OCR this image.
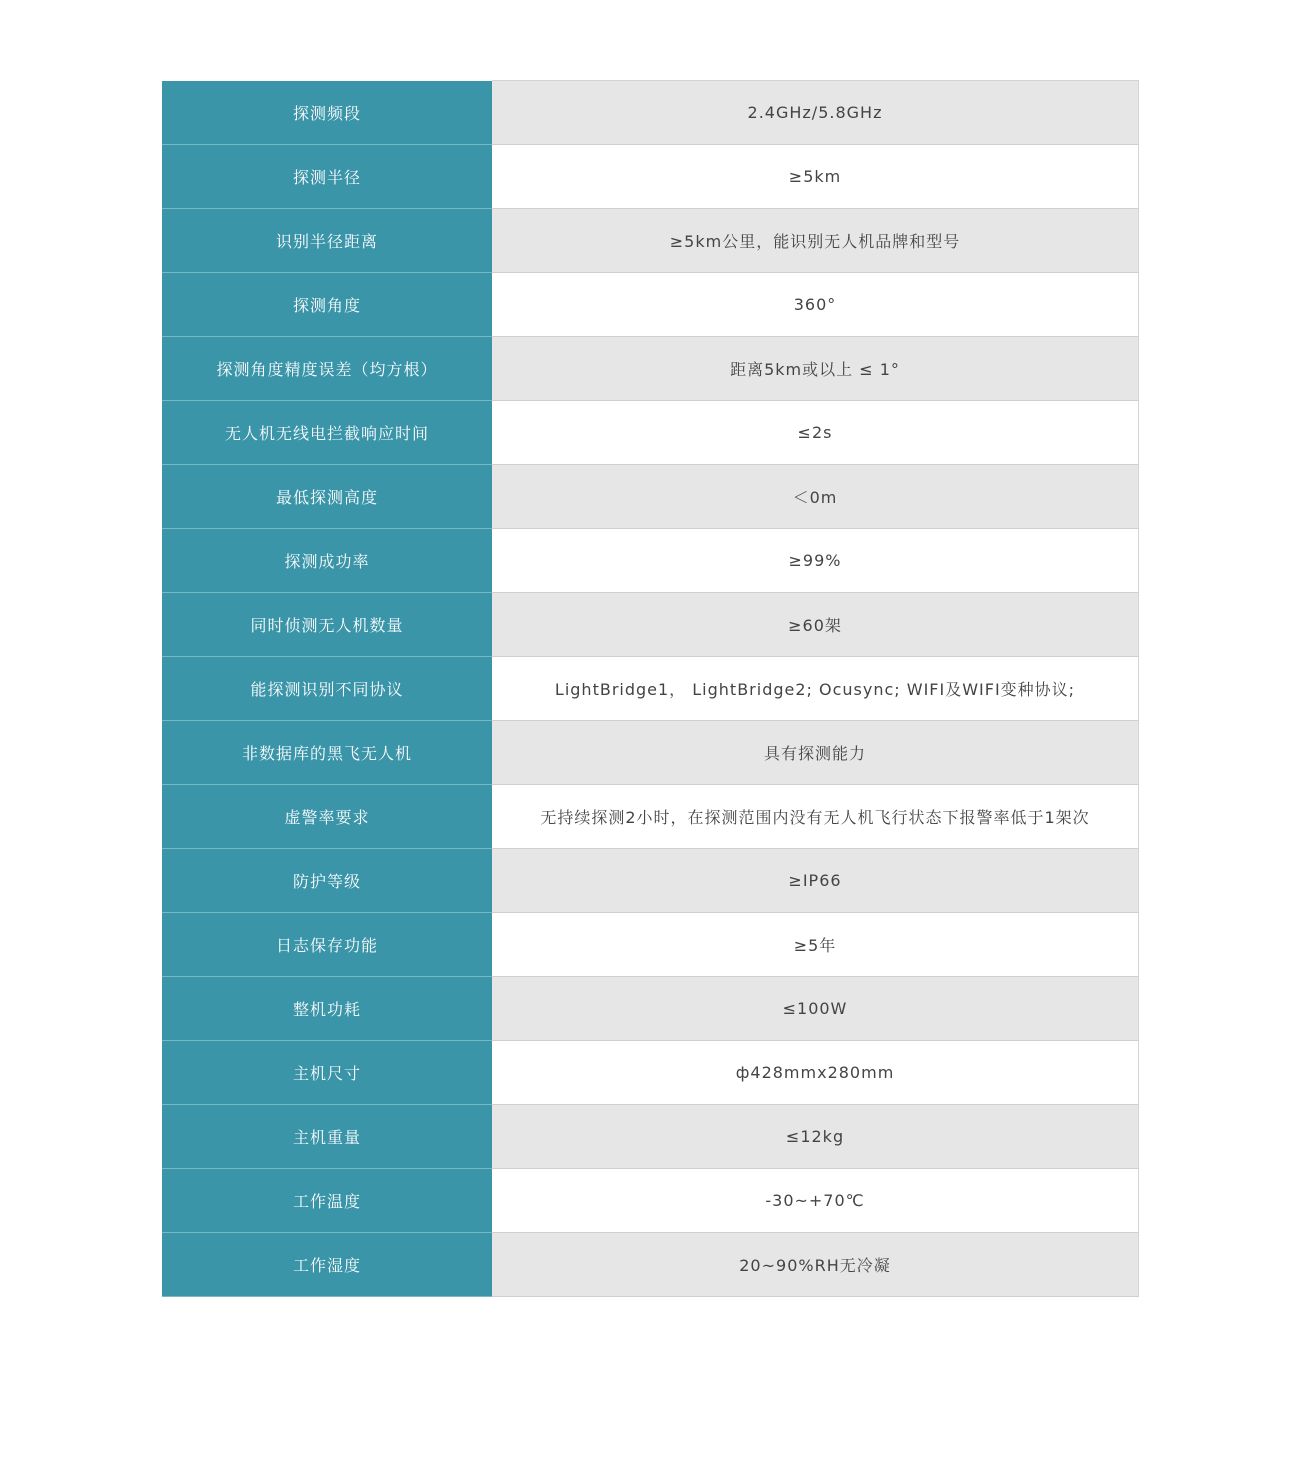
探测频段	2.4GHz/5.8GHz
探测半径	≥5km
识别半径距离	≥5km公里，能识别无人机品牌和型号
探测角度	360°
探测角度精度误差（均方根）	距离5km或以上 ≤ 1°
无人机无线电拦截响应时间	≤2s
最低探测高度	＜0m
探测成功率	≥99%
同时侦测无人机数量	≥60架
能探测识别不同协议	LightBridge1， LightBridge2; Ocusync; WIFI及WIFI变种协议;
非数据库的黑飞无人机	具有探测能力
虚警率要求	无持续探测2小时，在探测范围内没有无人机飞行状态下报警率低于1架次
防护等级	≥IP66
日志保存功能	≥5年
整机功耗	≤100W
主机尺寸	ф428mmx280mm
主机重量	≤12kg
工作温度	-30~+70℃
工作湿度	20~90%RH无冷凝
